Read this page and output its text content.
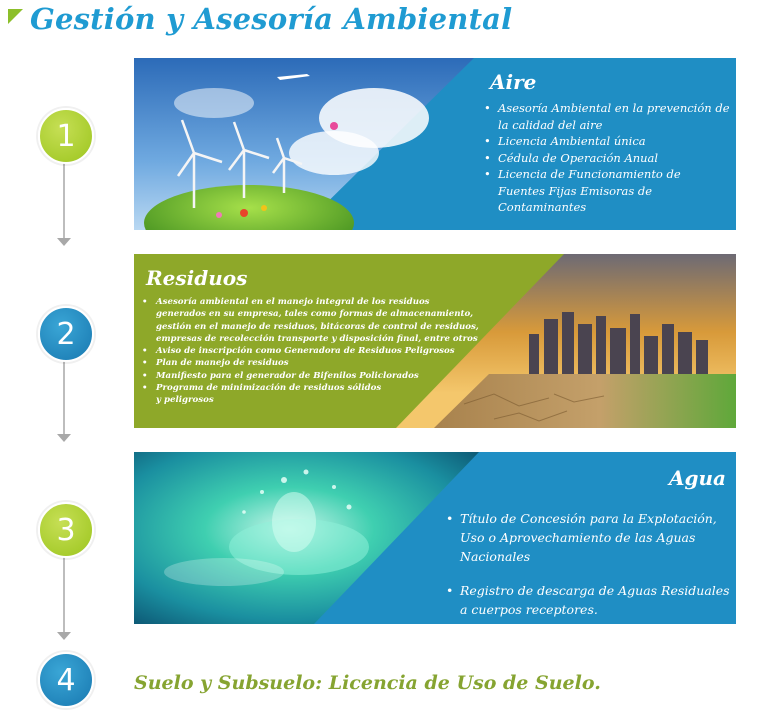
Gestión y Asesoría Ambiental
1
2
3
4
Aire
• Asesoría Ambiental en la prevención de la calidad del aire
• Licencia Ambiental única
• Cédula de Operación Anual
• Licencia de Funcionamiento de Fuentes Fijas Emisoras de Contaminantes
Residuos
• Asesoría ambiental en el manejo integral de los residuos generados en su empresa, tales como formas de almacenamiento, gestión en el manejo de residuos, bitácoras de control de residuos, empresas de recolección transporte y disposición final, entre otros
• Aviso de inscripción como Generadora de Residuos Peligrosos
• Plan de manejo de residuos
• Manifiesto para el generador de Bifenilos Policlorados
• Programa de minimización de residuos sólidos y peligrosos
Agua
• Título de Concesión para la Explotación, Uso o Aprovechamiento de las Aguas Nacionales
• Registro de descarga de Aguas Residuales a cuerpos receptores.

Suelo y Subsuelo: Licencia de Uso de Suelo.
